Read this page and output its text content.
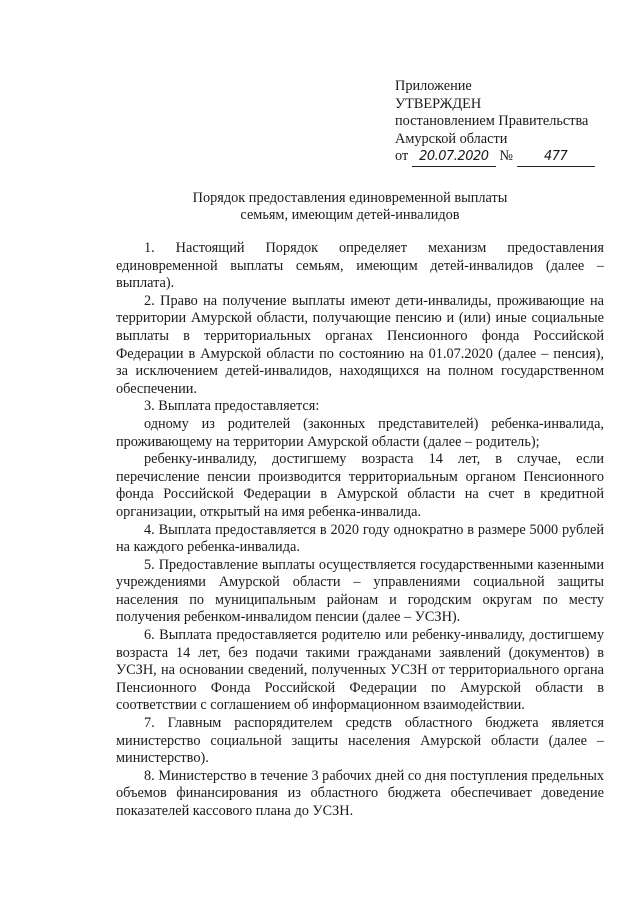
Приложение
УТВЕРЖДЕН
постановлением Правительства
Амурской области
от 20.07.2020 № 477
Порядок предоставления единовременной выплаты
семьям, имеющим детей-инвалидов

1. Настоящий Порядок определяет механизм предоставления единовременной выплаты семьям, имеющим детей-инвалидов (далее – выплата).

2. Право на получение выплаты имеют дети-инвалиды, проживающие на территории Амурской области, получающие пенсию и (или) иные социальные выплаты в территориальных органах Пенсионного фонда Российской Федерации в Амурской области по состоянию на 01.07.2020 (далее – пенсия), за исключением детей-инвалидов, находящихся на полном государственном обеспечении.

3. Выплата предоставляется:

одному из родителей (законных представителей) ребенка-инвалида, проживающему на территории Амурской области (далее – родитель);

ребенку-инвалиду, достигшему возраста 14 лет, в случае, если перечисление пенсии производится территориальным органом Пенсионного фонда Российской Федерации в Амурской области на счет в кредитной организации, открытый на имя ребенка-инвалида.

4. Выплата предоставляется в 2020 году однократно в размере 5000 рублей на каждого ребенка-инвалида.

5. Предоставление выплаты осуществляется государственными казенными учреждениями Амурской области – управлениями социальной защиты населения по муниципальным районам и городским округам по месту получения ребенком-инвалидом пенсии (далее – УСЗН).

6. Выплата предоставляется родителю или ребенку-инвалиду, достигшему возраста 14 лет, без подачи такими гражданами заявлений (документов) в УСЗН, на основании сведений, полученных УСЗН от территориального органа Пенсионного Фонда Российской Федерации по Амурской области в соответствии с соглашением об информационном взаимодействии.

7. Главным распорядителем средств областного бюджета является министерство социальной защиты населения Амурской области (далее – министерство).

8. Министерство в течение 3 рабочих дней со дня поступления предельных объемов финансирования из областного бюджета обеспечивает доведение показателей кассового плана до УСЗН.
